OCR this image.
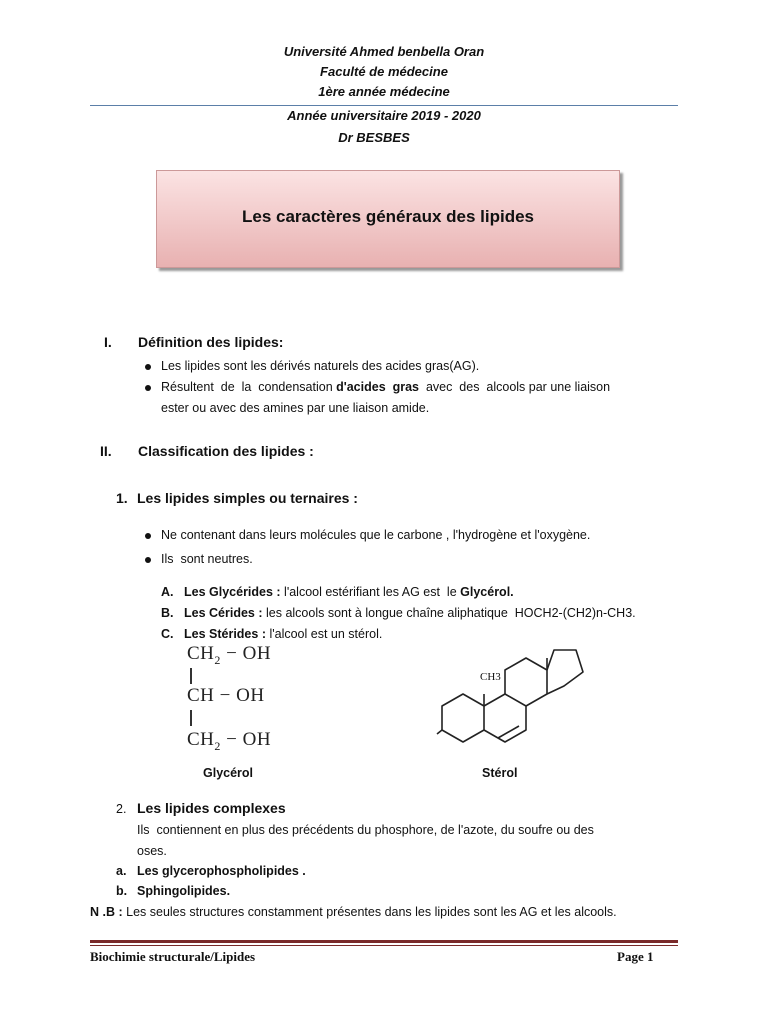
Université Ahmed benbella Oran
Faculté de médecine
1ère année médecine
Année universitaire 2019 - 2020
Dr BESBES
Les caractères généraux des lipides
I. Définition des lipides:
Les lipides sont les dérivés naturels des acides gras(AG).
Résultent  de  la  condensation d'acides  gras  avec  des  alcools par une liaison
ester ou avec des amines par une liaison amide.
II. Classification des lipides :
1. Les lipides simples ou ternaires :
Ne contenant dans leurs molécules que le carbone , l'hydrogène et l'oxygène.
Ils  sont neutres.
A. Les Glycérides : l'alcool estérifiant les AG est  le Glycérol.
B. Les Cérides : les alcools sont à longue chaîne aliphatique  HOCH2-(CH2)n-CH3.
C. Les Stérides : l'alcool est un stérol.
$CH_2$ − OH
CH − OH
$CH_2$ − OH
CH3
Glycérol	Stérol
2. Les lipides complexes
Ils  contiennent en plus des précédents du phosphore, de l'azote, du soufre ou des
oses.
a. Les glycerophospholipides .
b. Sphingolipides.
N .B : Les seules structures constamment présentes dans les lipides sont les AG et les alcools.
Biochimie structurale/Lipides	Page 1
